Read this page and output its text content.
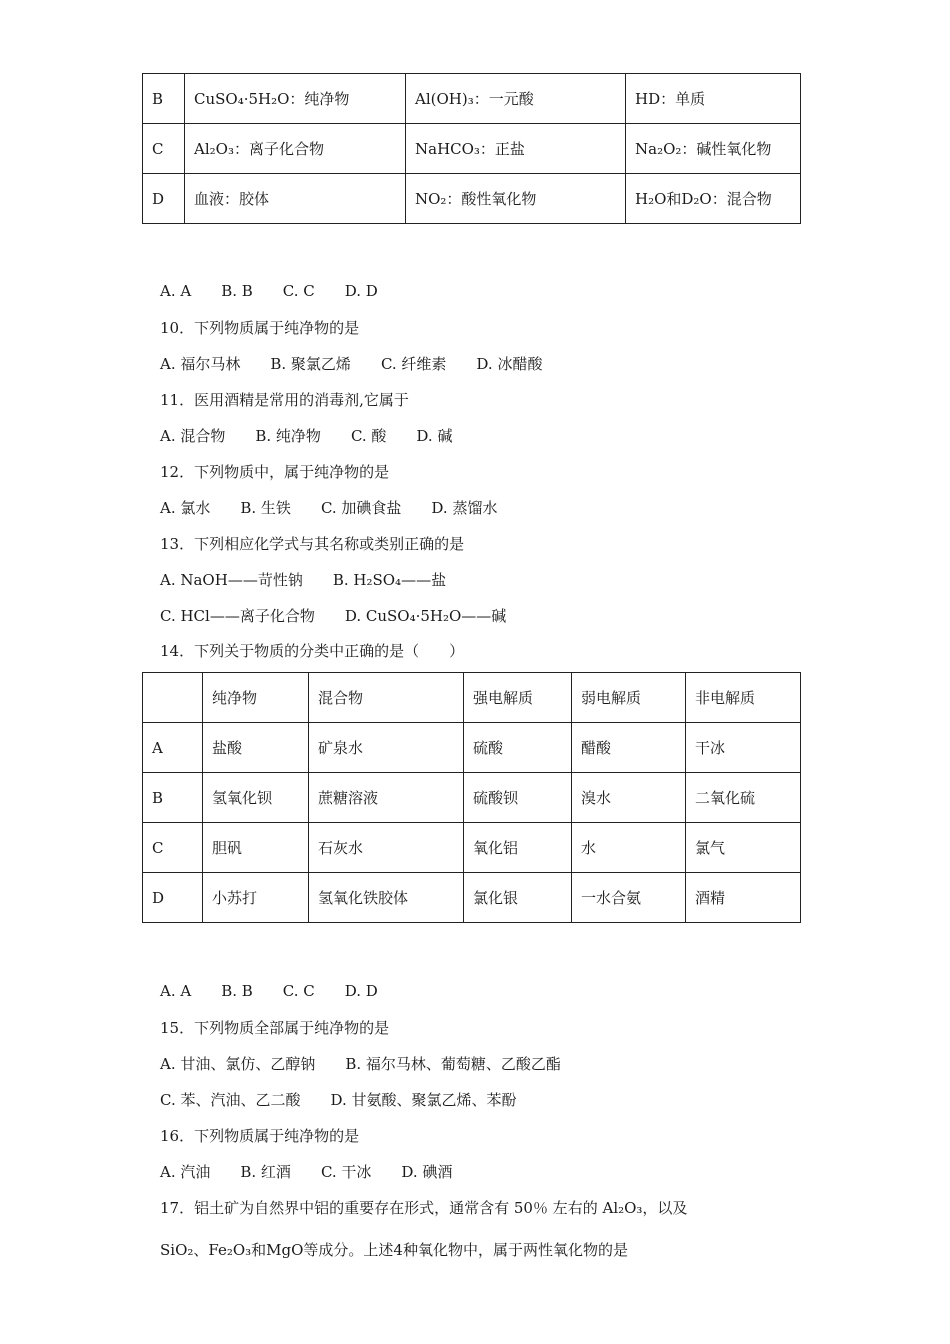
B	CuSO₄·5H₂O：纯净物	Al(OH)₃：一元酸	HD：单质
C	Al₂O₃：离子化合物	NaHCO₃：正盐	Na₂O₂：碱性氧化物
D	血液：胶体	NO₂：酸性氧化物	H₂O和D₂O：混合物
A. A B. B C. C D. D
10．下列物质属于纯净物的是
A. 福尔马林 B. 聚氯乙烯 C. 纤维素 D. 冰醋酸
11．医用酒精是常用的消毒剂,它属于
A. 混合物 B. 纯净物 C. 酸 D. 碱
12．下列物质中，属于纯净物的是
A. 氯水 B. 生铁 C. 加碘食盐 D. 蒸馏水
13．下列相应化学式与其名称或类别正确的是
A. NaOH——苛性钠 B. H₂SO₄——盐
C. HCl——离子化合物 D. CuSO₄·5H₂O——碱
14．下列关于物质的分类中正确的是（　　）
	纯净物	混合物	强电解质	弱电解质	非电解质
A	盐酸	矿泉水	硫酸	醋酸	干冰
B	氢氧化钡	蔗糖溶液	硫酸钡	溴水	二氧化硫
C	胆矾	石灰水	氧化铝	水	氯气
D	小苏打	氢氧化铁胶体	氯化银	一水合氨	酒精
A. A B. B C. C D. D
15．下列物质全部属于纯净物的是
A. 甘油、氯仿、乙醇钠 B. 福尔马林、葡萄糖、乙酸乙酯
C. 苯、汽油、乙二酸 D. 甘氨酸、聚氯乙烯、苯酚
16．下列物质属于纯净物的是
A. 汽油 B. 红酒 C. 干冰 D. 碘酒
17．铝土矿为自然界中铝的重要存在形式，通常含有 50％ 左右的 Al₂O₃，以及
SiO₂、Fe₂O₃和MgO等成分。上述4种氧化物中，属于两性氧化物的是
